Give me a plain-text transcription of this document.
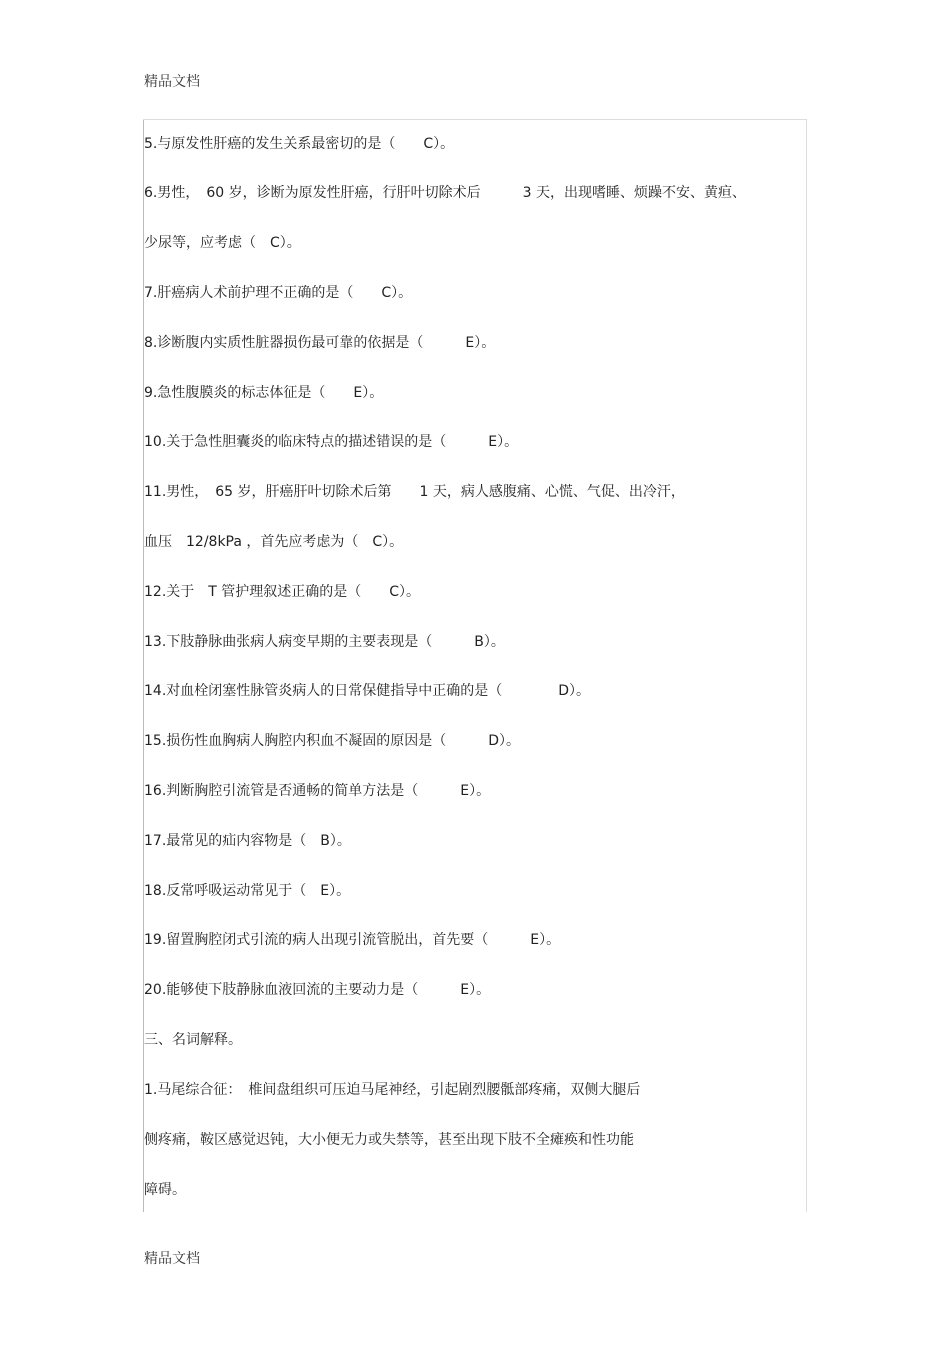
精品文档
5.与原发性肝癌的发生关系最密切的是（　　C）。
6.男性，　60 岁，诊断为原发性肝癌，行肝叶切除术后　　　3 天，出现嗜睡、烦躁不安、黄疸、
少尿等，应考虑（　C）。
7.肝癌病人术前护理不正确的是（　　C）。
8.诊断腹内实质性脏器损伤最可靠的依据是（　　　E）。
9.急性腹膜炎的标志体征是（　　E）。
10.关于急性胆囊炎的临床特点的描述错误的是（　　　E）。
11.男性，　65 岁，肝癌肝叶切除术后第　　1 天，病人感腹痛、心慌、气促、出冷汗，
血压　12/8kPa ，首先应考虑为（　C）。
12.关于　T 管护理叙述正确的是（　　C）。
13.下肢静脉曲张病人病变早期的主要表现是（　　　B）。
14.对血栓闭塞性脉管炎病人的日常保健指导中正确的是（　　　　D）。
15.损伤性血胸病人胸腔内积血不凝固的原因是（　　　D）。
16.判断胸腔引流管是否通畅的简单方法是（　　　E）。
17.最常见的疝内容物是（　B）。
18.反常呼吸运动常见于（　E）。
19.留置胸腔闭式引流的病人出现引流管脱出，首先要（　　　E）。
20.能够使下肢静脉血液回流的主要动力是（　　　E）。
三、名词解释。
1.马尾综合征：　椎间盘组织可压迫马尾神经，引起剧烈腰骶部疼痛，双侧大腿后
侧疼痛，鞍区感觉迟钝，大小便无力或失禁等，甚至出现下肢不全瘫痪和性功能
障碍。
精品文档
